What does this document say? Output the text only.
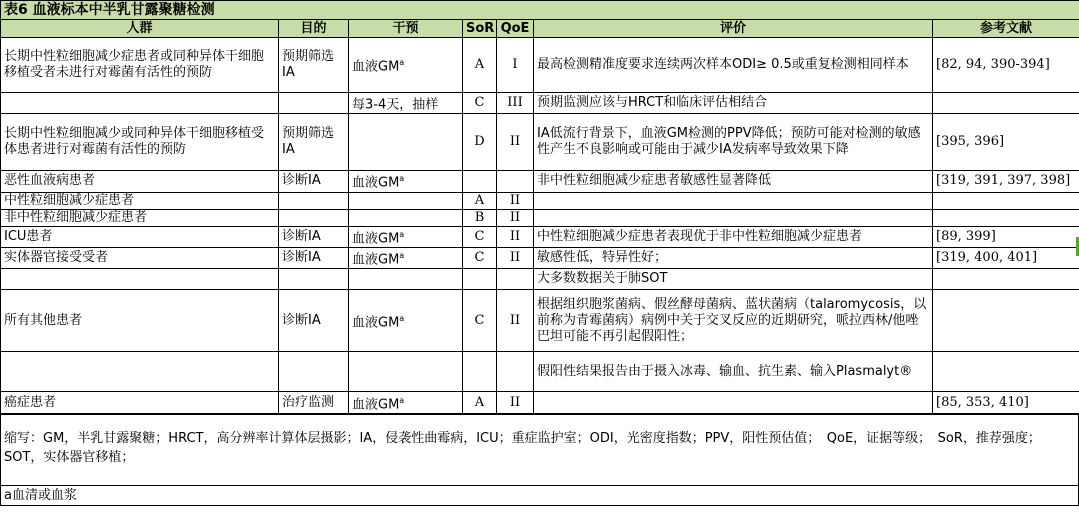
表6 血液标本中半乳甘露聚糖检测						
人群	目的	干预	SoR	QoE	评价	参考文献
长期中性粒细胞减少症患者或同种异体干细胞移植受者未进行对霉菌有活性的预防	预期筛选IA	血液$GM^a$	A	I	最高检测精准度要求连续两次样本ODI≥ 0.5或重复检测相同样本	[82, 94, 390-394]
		每3-4天，抽样	C	III	预期监测应该与HRCT和临床评估相结合	
长期中性粒细胞减少或同种异体干细胞移植受体患者进行对霉菌有活性的预防	预期筛选IA		D	II	IA低流行背景下，血液GM检测的PPV降低；预防可能对检测的敏感性产生不良影响或可能由于减少IA发病率导致效果下降	[395, 396]
恶性血液病患者	诊断IA	血液$GM^a$			非中性粒细胞减少症患者敏感性显著降低	[319, 391, 397, 398]
中性粒细胞减少症患者			A	II		
非中性粒细胞减少症患者			B	II		
ICU患者	诊断IA	血液$GM^a$	C	II	中性粒细胞减少症患者表现优于非中性粒细胞减少症患者	[89, 399]
实体器官接受受者	诊断IA	血液$GM^a$	C	II	敏感性低，特异性好；	[319, 400, 401]
					大多数数据关于肺SOT	
所有其他患者	诊断IA	血液$GM^a$	C	II	根据组织胞浆菌病、假丝酵母菌病、蓝状菌病（talaromycosis，以前称为青霉菌病）病例中关于交叉反应的近期研究，哌拉西林/他唑巴坦可能不再引起假阳性；	
					假阳性结果报告由于摄入冰毒、输血、抗生素、输入Plasmalyt®	
癌症患者	治疗监测	血液$GM^a$	A	II		[85, 353, 410]
缩写：GM，半乳甘露聚糖；HRCT，高分辨率计算体层摄影；IA，侵袭性曲霉病，ICU；重症监护室；ODI，光密度指数；PPV，阳性预估值；　QoE，证据等级；　SoR，推荐强度；SOT，实体器官移植；
a血清或血浆
